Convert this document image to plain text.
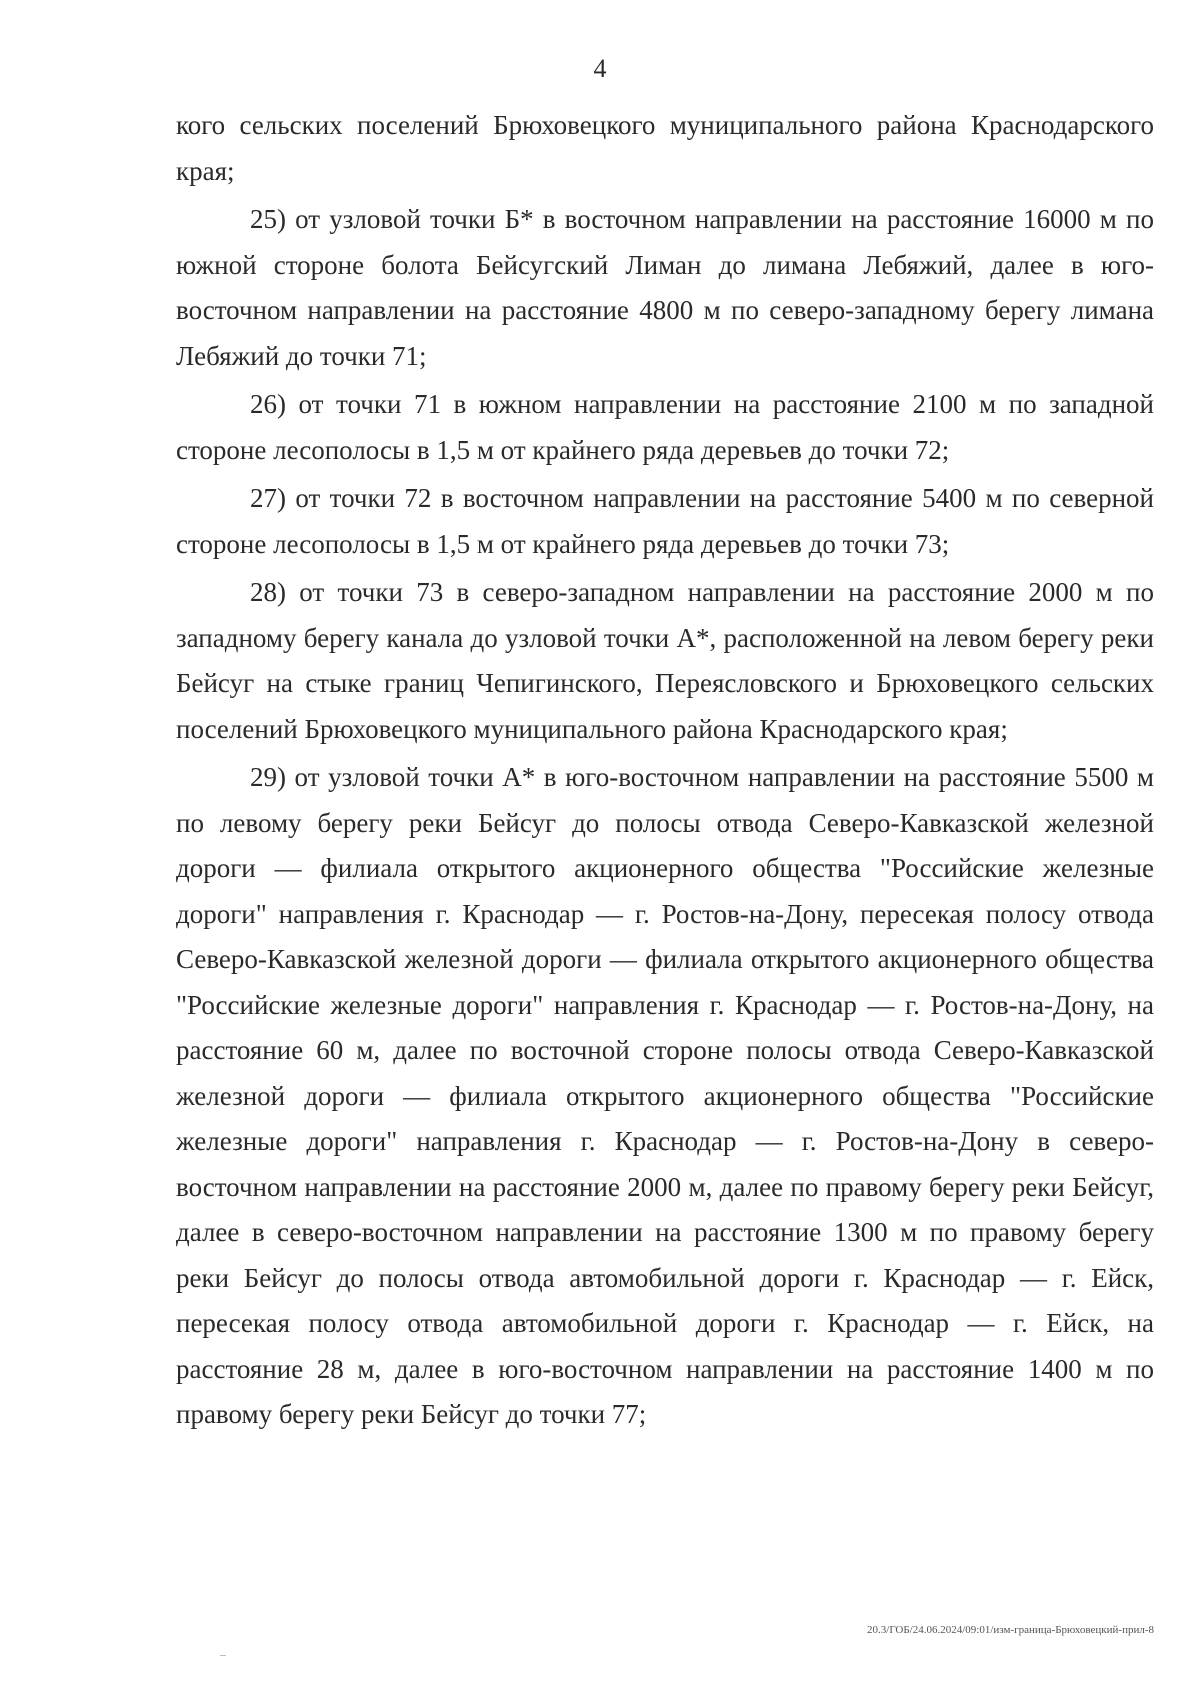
4

кого сельских поселений Брюховецкого муниципального района Краснодарского края;

25) от узловой точки Б* в восточном направлении на расстояние 16000 м по южной стороне болота Бейсугский Лиман до лимана Лебяжий, далее в юго-восточном направлении на расстояние 4800 м по северо-западному берегу лимана Лебяжий до точки 71;

26) от точки 71 в южном направлении на расстояние 2100 м по западной стороне лесополосы в 1,5 м от крайнего ряда деревьев до точки 72;

27) от точки 72 в восточном направлении на расстояние 5400 м по северной стороне лесополосы в 1,5 м от крайнего ряда деревьев до точки 73;

28) от точки 73 в северо-западном направлении на расстояние 2000 м по западному берегу канала до узловой точки А*, расположенной на левом берегу реки Бейсуг на стыке границ Чепигинского, Переясловского и Брюховецкого сельских поселений Брюховецкого муниципального района Краснодарского края;

29) от узловой точки А* в юго-восточном направлении на расстояние 5500 м по левому берегу реки Бейсуг до полосы отвода Северо-Кавказской железной дороги — филиала открытого акционерного общества "Российские железные дороги" направления г. Краснодар — г. Ростов-на-Дону, пересекая полосу отвода Северо-Кавказской железной дороги — филиала открытого акционерного общества "Российские железные дороги" направления г. Краснодар — г. Ростов-на-Дону, на расстояние 60 м, далее по восточной стороне полосы отвода Северо-Кавказской железной дороги — филиала открытого акционерного общества "Российские железные дороги" направления г. Краснодар — г. Ростов-на-Дону в северо-восточном направлении на расстояние 2000 м, далее по правому берегу реки Бейсуг, далее в северо-восточном направлении на расстояние 1300 м по правому берегу реки Бейсуг до полосы отвода автомобильной дороги г. Краснодар — г. Ейск, пересекая полосу отвода автомобильной дороги г. Краснодар — г. Ейск, на расстояние 28 м, далее в юго-восточном направлении на расстояние 1400 м по правому берегу реки Бейсуг до точки 77;

20.3/ГОБ/24.06.2024/09:01/изм-граница-Брюховецкий-прил-8
